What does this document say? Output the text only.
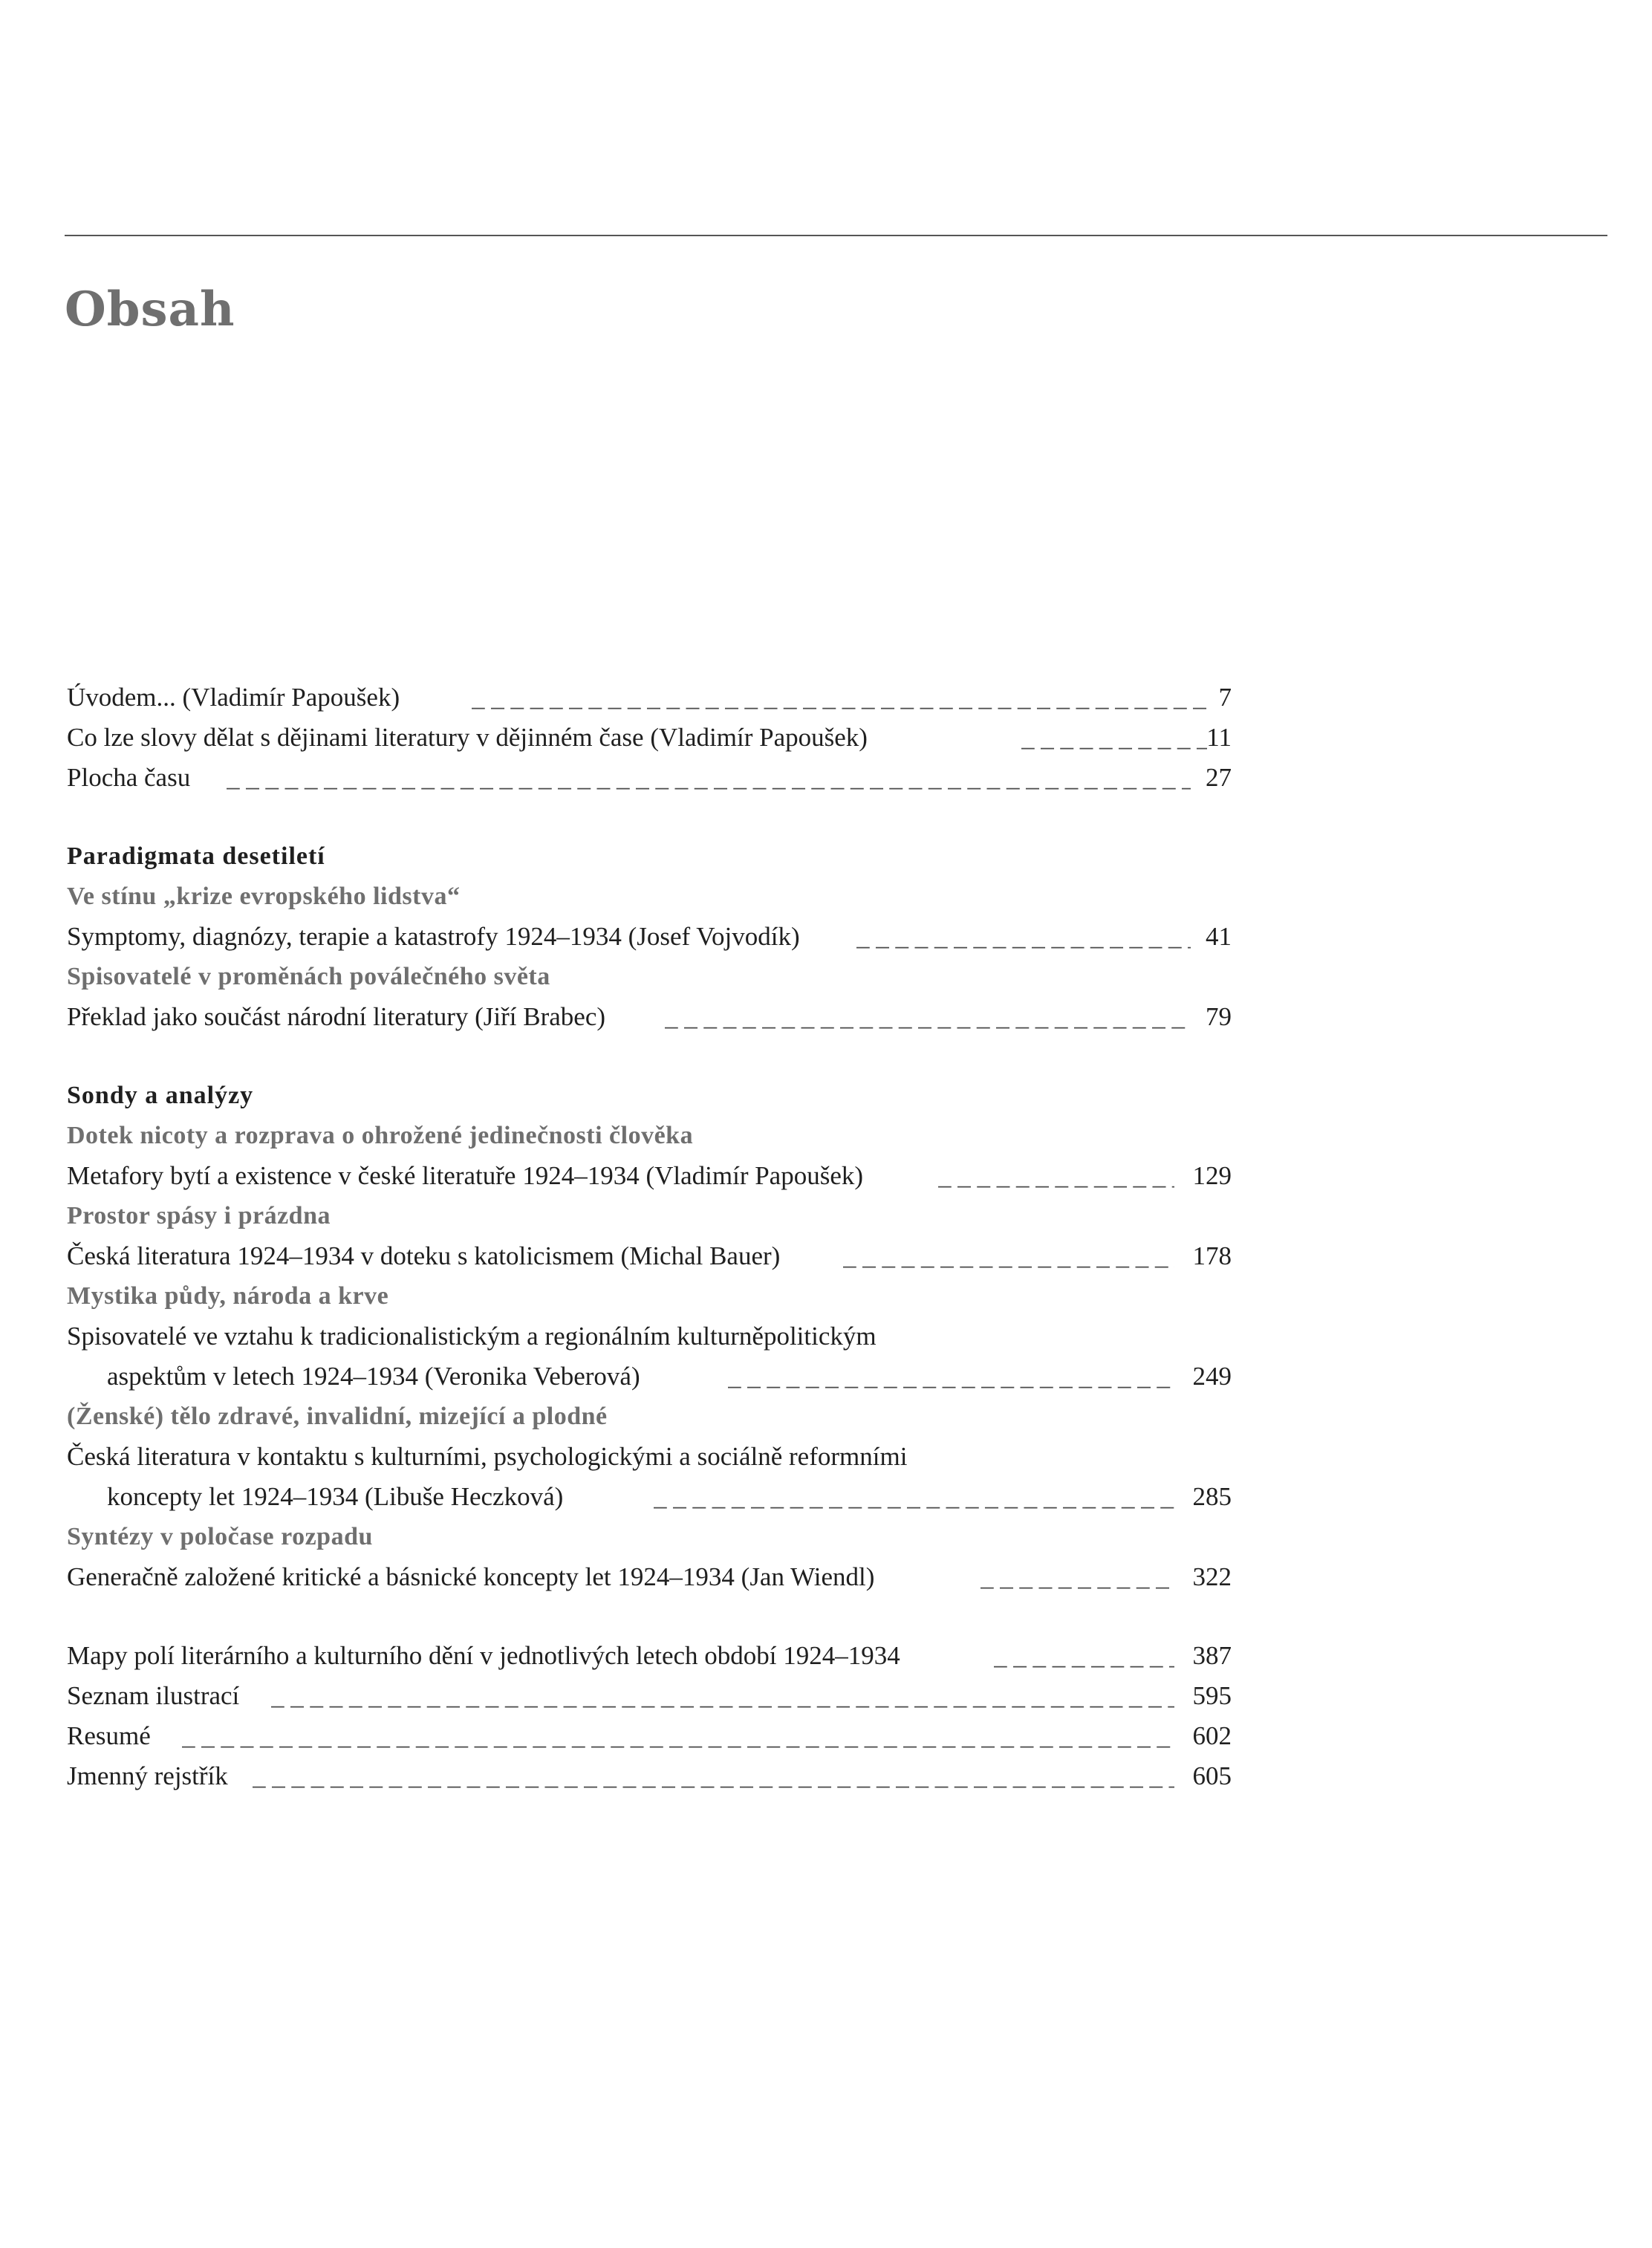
Obsah
Úvodem... (Vladimír Papoušek) _ _ _	7
Co lze slovy dělat s dějinami literatury v dějinném čase (Vladimír Papoušek) _ _ _	11
Plocha času _ _ _	27
Paradigmata desetiletí
Ve stínu „krize evropského lidstva“
Symptomy, diagnózy, terapie a katastrofy 1924–1934 (Josef Vojvodík) _ _ _	41
Spisovatelé v proměnách poválečného světa
Překlad jako součást národní literatury (Jiří Brabec) _ _ _	79
Sondy a analýzy
Dotek nicoty a rozprava o ohrožené jedinečnosti člověka
Metafory bytí a existence v české literatuře 1924–1934 (Vladimír Papoušek) _ _ _	129
Prostor spásy i prázdna
Česká literatura 1924–1934 v doteku s katolicismem (Michal Bauer) _ _ _	178
Mystika půdy, národa a krve
Spisovatelé ve vztahu k tradicionalistickým a regionálním kulturněpolitickým
aspektům v letech 1924–1934 (Veronika Veberová) _ _ _	249
(Ženské) tělo zdravé, invalidní, mizející a plodné
Česká literatura v kontaktu s kulturními, psychologickými a sociálně reformními
koncepty let 1924–1934 (Libuše Heczková) _ _ _	285
Syntézy v poločase rozpadu
Generačně založené kritické a básnické koncepty let 1924–1934 (Jan Wiendl) _ _ _	322
Mapy polí literárního a kulturního dění v jednotlivých letech období 1924–1934 _ _ _	387
Seznam ilustrací _ _ _	595
Resumé _ _ _	602
Jmenný rejstřík _ _ _	605
